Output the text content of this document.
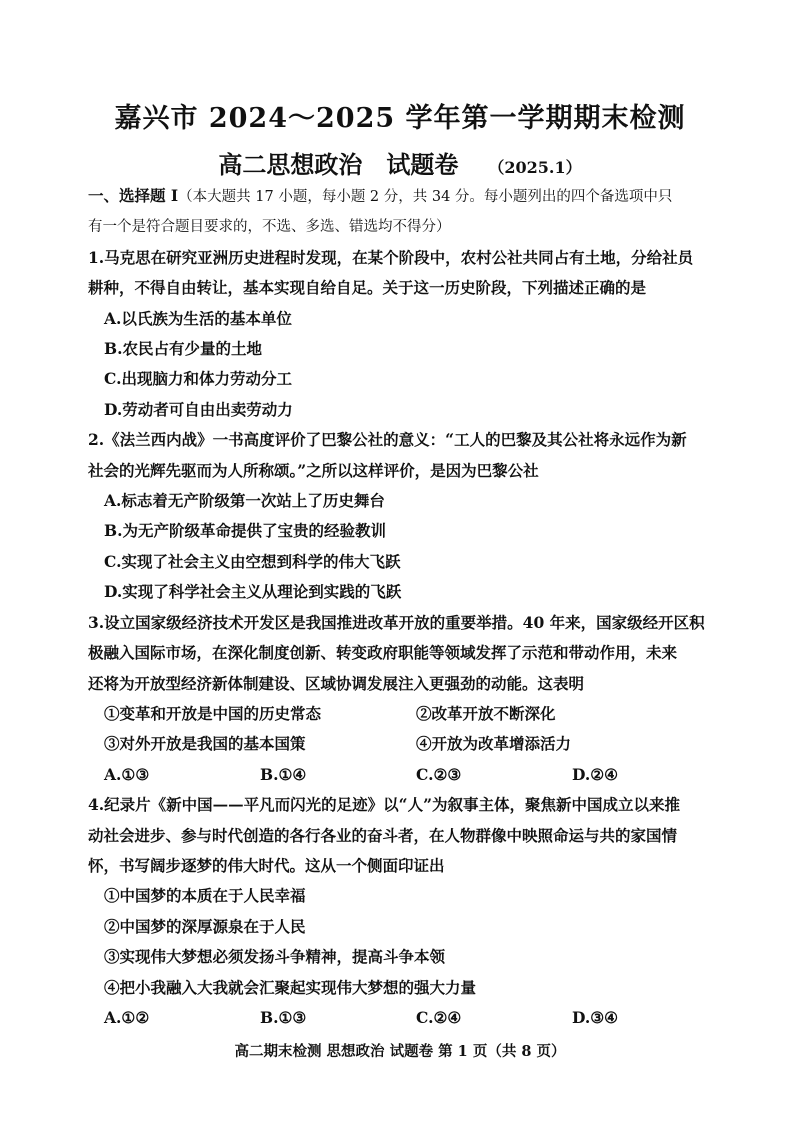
嘉兴市 2024～2025 学年第一学期期末检测
高二思想政治　试题卷 （2025.1）
一、选择题 I（本大题共 17 小题，每小题 2 分，共 34 分。每小题列出的四个备选项中只
有一个是符合题目要求的，不选、多选、错选均不得分）
1.马克思在研究亚洲历史进程时发现，在某个阶段中，农村公社共同占有土地，分给社员
耕种，不得自由转让，基本实现自给自足。关于这一历史阶段，下列描述正确的是
A.以氏族为生活的基本单位
B.农民占有少量的土地
C.出现脑力和体力劳动分工
D.劳动者可自由出卖劳动力
2.《法兰西内战》一书高度评价了巴黎公社的意义：“工人的巴黎及其公社将永远作为新
社会的光辉先驱而为人所称颂。”之所以这样评价，是因为巴黎公社
A.标志着无产阶级第一次站上了历史舞台
B.为无产阶级革命提供了宝贵的经验教训
C.实现了社会主义由空想到科学的伟大飞跃
D.实现了科学社会主义从理论到实践的飞跃
3.设立国家级经济技术开发区是我国推进改革开放的重要举措。40 年来，国家级经开区积
极融入国际市场，在深化制度创新、转变政府职能等领域发挥了示范和带动作用，未来
还将为开放型经济新体制建设、区域协调发展注入更强劲的动能。这表明
①变革和开放是中国的历史常态	②改革开放不断深化
③对外开放是我国的基本国策	④开放为改革增添活力
A.①③	B.①④	C.②③	D.②④
4.纪录片《新中国——平凡而闪光的足迹》以“人”为叙事主体，聚焦新中国成立以来推
动社会进步、参与时代创造的各行各业的奋斗者，在人物群像中映照命运与共的家国情
怀，书写阔步逐梦的伟大时代。这从一个侧面印证出
①中国梦的本质在于人民幸福
②中国梦的深厚源泉在于人民
③实现伟大梦想必须发扬斗争精神，提高斗争本领
④把小我融入大我就会汇聚起实现伟大梦想的强大力量
A.①②	B.①③	C.②④	D.③④
高二期末检测 思想政治 试题卷 第 1 页（共 8 页）
